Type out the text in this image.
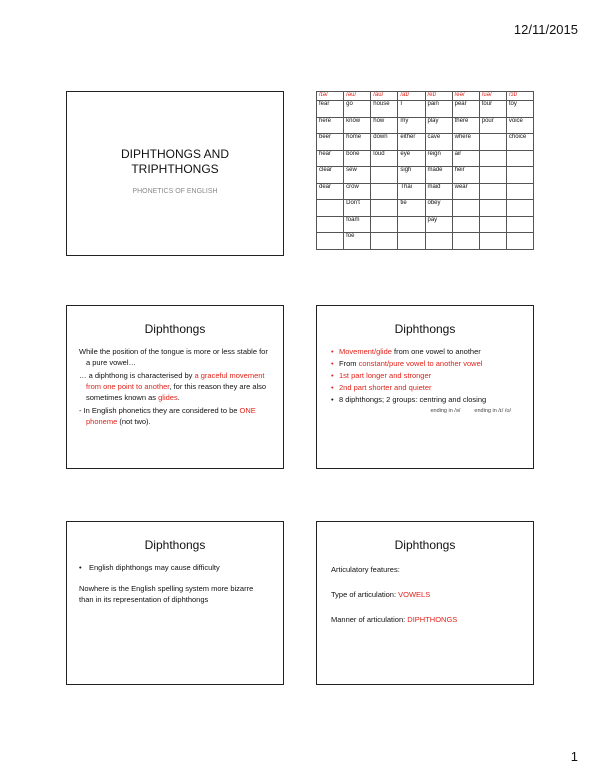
12/11/2015
DIPHTHONGS AND
TRIPHTHONGS
PHONETICS OF ENGLISH
/ɪə/	/əu/	/au/	/aɪ/	/eɪ/	/eə/	/uə/	/ɔɪ/
fear	go	house	I	pain	pear	tour	toy
here	know	how	my	play	there	pour	voice
beer	home	down	either	cave	where		choice
hear	bone	loud	eye	reign	air		
clear	sew		sigh	made	heir		
dear	crow		Thai	maid	wear		
	Don't		tie	obey			
	foam			pay			
	foe						
Diphthongs

While the position of the tongue is more or less stable for a pure vowel…

… a diphthong is characterised by a graceful movement from one point to another, for this reason they are also sometimes known as glides.

- In English phonetics they are considered to be ONE phoneme (not two).

Diphthongs
• Movement/glide from one vowel to another
• From constant/pure vowel to another vowel
• 1st part longer and stronger
• 2nd part shorter and quieter
• 8 diphthongs; 2 groups: centring and closing
ending in /ə/	ending in /ɪ/ /ʊ/
Diphthongs
• English diphthongs may cause difficulty
Nowhere is the English spelling system more bizarre than in its representation of diphthongs
Diphthongs

Articulatory features:

Type of articulation: VOWELS

Manner of articulation: DIPHTHONGS

1
